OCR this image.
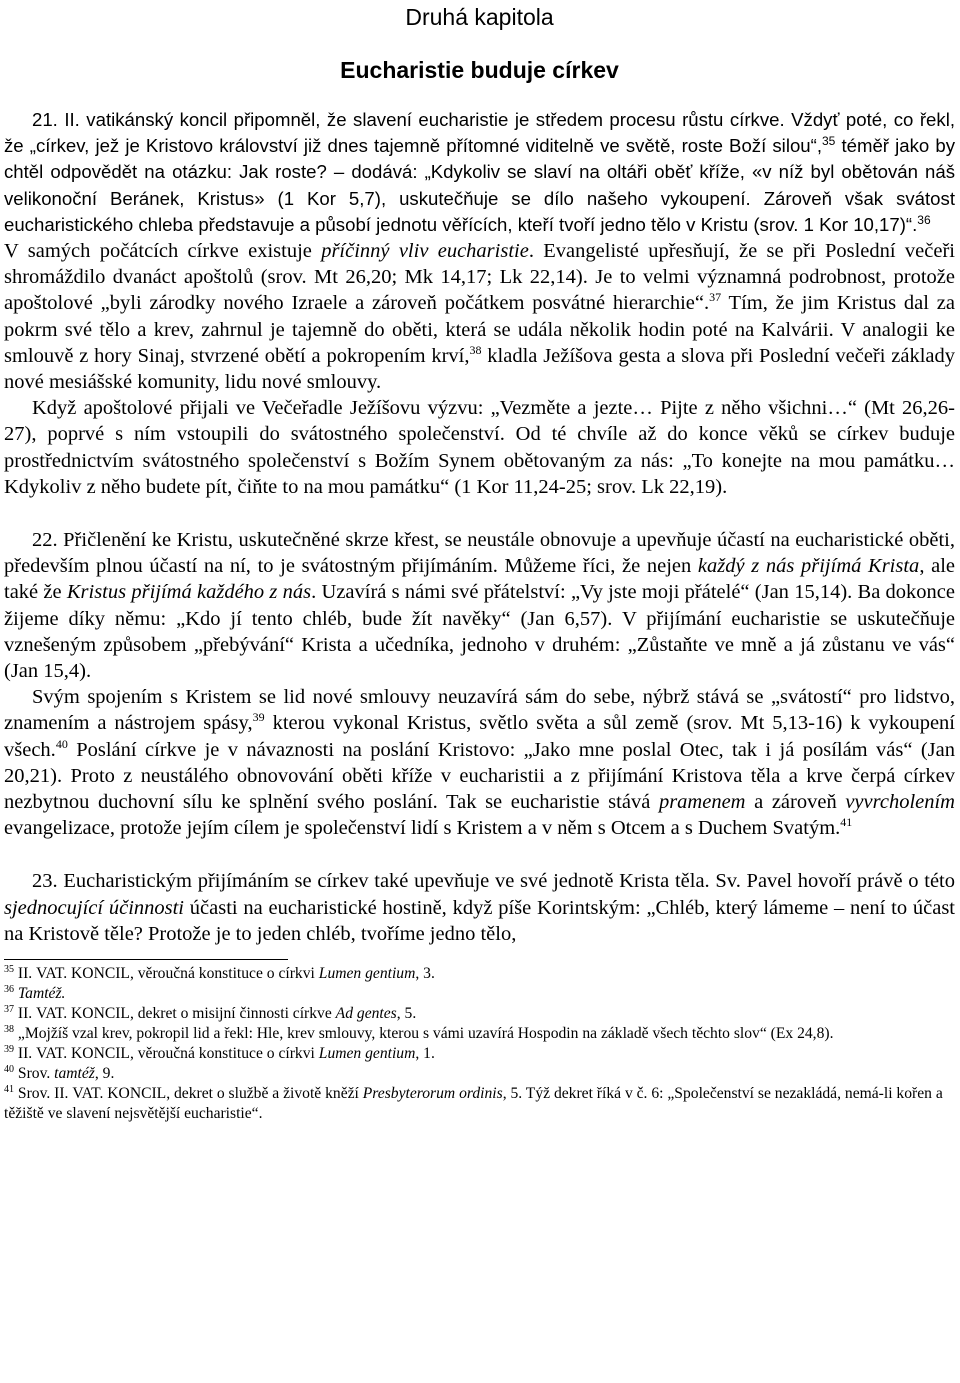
Druhá kapitola
Eucharistie buduje církev

21. II. vatikánský koncil připomněl, že slavení eucharistie je středem procesu růstu církve. Vždyť poté, co řekl, že „církev, jež je Kristovo království již dnes tajemně přítomné viditelně ve světě, roste Boží silou“,$^{35}$ téměř jako by chtěl odpovědět na otázku: Jak roste? – dodává: „Kdykoliv se slaví na oltáři oběť kříže, «v níž byl obětován náš velikonoční Beránek, Kristus» (1 Kor 5,7), uskutečňuje se dílo našeho vykoupení. Zároveň však svátost eucharistického chleba představuje a působí jednotu věřících, kteří tvoří jedno tělo v Kristu (srov. 1 Kor 10,17)“.$^{36}$

V samých počátcích církve existuje příčinný vliv eucharistie. Evangelisté upřesňují, že se při Poslední večeři shromáždilo dvanáct apoštolů (srov. Mt 26,20; Mk 14,17; Lk 22,14). Je to velmi významná podrobnost, protože apoštolové „byli zárodky nového Izraele a zároveň počátkem posvátné hierarchie“.$^{37}$ Tím, že jim Kristus dal za pokrm své tělo a krev, zahrnul je tajemně do oběti, která se udála několik hodin poté na Kalvárii. V analogii ke smlouvě z hory Sinaj, stvrzené obětí a pokropením krví,$^{38}$ kladla Ježíšova gesta a slova při Poslední večeři základy nové mesiášské komunity, lidu nové smlouvy.

Když apoštolové přijali ve Večeřadle Ježíšovu výzvu: „Vezměte a jezte… Pijte z něho všichni…“ (Mt 26,26-27), poprvé s ním vstoupili do svátostného společenství. Od té chvíle až do konce věků se církev buduje prostřednictvím svátostného společenství s Božím Synem obětovaným za nás: „To konejte na mou památku… Kdykoliv z něho budete pít, čiňte to na mou památku“ (1 Kor 11,24-25; srov. Lk 22,19).

22. Přičlenění ke Kristu, uskutečněné skrze křest, se neustále obnovuje a upevňuje účastí na eucharistické oběti, především plnou účastí na ní, to je svátostným přijímáním. Můžeme říci, že nejen každý z nás přijímá Krista, ale také že Kristus přijímá každého z nás. Uzavírá s námi své přátelství: „Vy jste moji přátelé“ (Jan 15,14). Ba dokonce žijeme díky němu: „Kdo jí tento chléb, bude žít navěky“ (Jan 6,57). V přijímání eucharistie se uskutečňuje vznešeným způsobem „přebývání“ Krista a učedníka, jednoho v druhém: „Zůstaňte ve mně a já zůstanu ve vás“ (Jan 15,4).

Svým spojením s Kristem se lid nové smlouvy neuzavírá sám do sebe, nýbrž stává se „svátostí“ pro lidstvo, znamením a nástrojem spásy,$^{39}$ kterou vykonal Kristus, světlo světa a sůl země (srov. Mt 5,13-16) k vykoupení všech.$^{40}$ Poslání církve je v návaznosti na poslání Kristovo: „Jako mne poslal Otec, tak i já posílám vás“ (Jan 20,21). Proto z neustálého obnovování oběti kříže v eucharistii a z přijímání Kristova těla a krve čerpá církev nezbytnou duchovní sílu ke splnění svého poslání. Tak se eucharistie stává pramenem a zároveň vyvrcholením evangelizace, protože jejím cílem je společenství lidí s Kristem a v něm s Otcem a s Duchem Svatým.$^{41}$

23. Eucharistickým přijímáním se církev také upevňuje ve své jednotě Krista těla. Sv. Pavel hovoří právě o této sjednocující účinnosti účasti na eucharistické hostině, když píše Korintským: „Chléb, který lámeme – není to účast na Kristově těle? Protože je to jeden chléb, tvoříme jedno tělo,

$^{35}$ II. VAT. KONCIL, věroučná konstituce o církvi Lumen gentium, 3.

$^{36}$ Tamtéž.

$^{37}$ II. VAT. KONCIL, dekret o misijní činnosti církve Ad gentes, 5.

$^{38}$ „Mojžíš vzal krev, pokropil lid a řekl: Hle, krev smlouvy, kterou s vámi uzavírá Hospodin na základě všech těchto slov“ (Ex 24,8).

$^{39}$ II. VAT. KONCIL, věroučná konstituce o církvi Lumen gentium, 1.

$^{40}$ Srov. tamtéž, 9.

$^{41}$ Srov. II. VAT. KONCIL, dekret o službě a životě kněží Presbyterorum ordinis, 5. Týž dekret říká v č. 6: „Společenství se nezakládá, nemá-li kořen a těžiště ve slavení nejsvětější eucharistie“.
